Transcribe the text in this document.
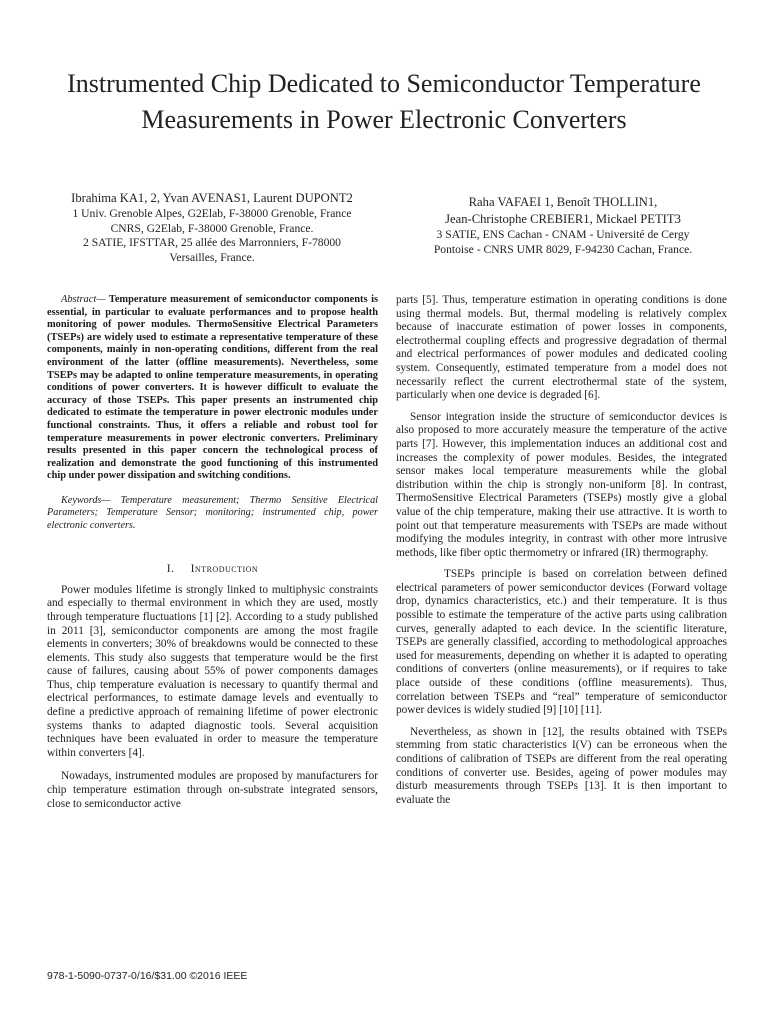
Instrumented Chip Dedicated to Semiconductor Temperature Measurements in Power Electronic Converters
Ibrahima KA1, 2, Yvan AVENAS1, Laurent DUPONT2
1 Univ. Grenoble Alpes, G2Elab, F-38000 Grenoble, France
CNRS, G2Elab, F-38000 Grenoble, France.
2 SATIE, IFSTTAR, 25 allée des Marronniers, F-78000
Versailles, France.
Raha VAFAEI 1, Benoît THOLLIN1,
Jean-Christophe CREBIER1, Mickael PETIT3
3 SATIE, ENS Cachan - CNAM - Université de Cergy
Pontoise - CNRS UMR 8029, F-94230 Cachan, France.

Abstract— Temperature measurement of semiconductor components is essential, in particular to evaluate performances and to propose health monitoring of power modules. ThermoSensitive Electrical Parameters (TSEPs) are widely used to estimate a representative temperature of these components, mainly in non-operating conditions, different from the real environment of the latter (offline measurements). Nevertheless, some TSEPs may be adapted to online temperature measurements, in operating conditions of power converters. It is however difficult to evaluate the accuracy of those TSEPs. This paper presents an instrumented chip dedicated to estimate the temperature in power electronic modules under functional constraints. Thus, it offers a reliable and robust tool for temperature measurements in power electronic converters. Preliminary results presented in this paper concern the technological process of realization and demonstrate the good functioning of this instrumented chip under power dissipation and switching conditions.

Keywords— Temperature measurement; Thermo Sensitive Electrical Parameters; Temperature Sensor; monitoring; instrumented chip, power electronic converters.

I. Introduction

Power modules lifetime is strongly linked to multiphysic constraints and especially to thermal environment in which they are used, mostly through temperature fluctuations [1] [2]. According to a study published in 2011 [3], semiconductor components are among the most fragile elements in converters; 30% of breakdowns would be connected to these elements. This study also suggests that temperature would be the first cause of failures, causing about 55% of power components damages Thus, chip temperature evaluation is necessary to quantify thermal and electrical performances, to estimate damage levels and eventually to define a predictive approach of remaining lifetime of power electronic systems thanks to adapted diagnostic tools. Several acquisition techniques have been evaluated in order to measure the temperature within converters [4].

Nowadays, instrumented modules are proposed by manufacturers for chip temperature estimation through on-substrate integrated sensors, close to semiconductor active

parts [5]. Thus, temperature estimation in operating conditions is done using thermal models. But, thermal modeling is relatively complex because of inaccurate estimation of power losses in components, electrothermal coupling effects and progressive degradation of thermal and electrical performances of power modules and dedicated cooling system. Consequently, estimated temperature from a model does not necessarily reflect the current electrothermal state of the system, particularly when one device is degraded [6].

Sensor integration inside the structure of semiconductor devices is also proposed to more accurately measure the temperature of the active parts [7]. However, this implementation induces an additional cost and increases the complexity of power modules. Besides, the integrated sensor makes local temperature measurements while the global distribution within the chip is strongly non-uniform [8]. In contrast, ThermoSensitive Electrical Parameters (TSEPs) mostly give a global value of the chip temperature, making their use attractive. It is worth to point out that temperature measurements with TSEPs are made without modifying the modules integrity, in contrast with other more intrusive methods, like fiber optic thermometry or infrared (IR) thermography.

TSEPs principle is based on correlation between defined electrical parameters of power semiconductor devices (Forward voltage drop, dynamics characteristics, etc.) and their temperature. It is thus possible to estimate the temperature of the active parts using calibration curves, generally adapted to each device. In the scientific literature, TSEPs are generally classified, according to methodological approaches used for measurements, depending on whether it is adapted to operating conditions of converters (online measurements), or if requires to take place outside of these conditions (offline measurements). Thus, correlation between TSEPs and “real” temperature of semiconductor power devices is widely studied [9] [10] [11].

Nevertheless, as shown in [12], the results obtained with TSEPs stemming from static characteristics I(V) can be erroneous when the conditions of calibration of TSEPs are different from the real operating conditions of converter use. Besides, ageing of power modules may disturb measurements through TSEPs [13]. It is then important to evaluate the

978-1-5090-0737-0/16/$31.00 ©2016 IEEE
